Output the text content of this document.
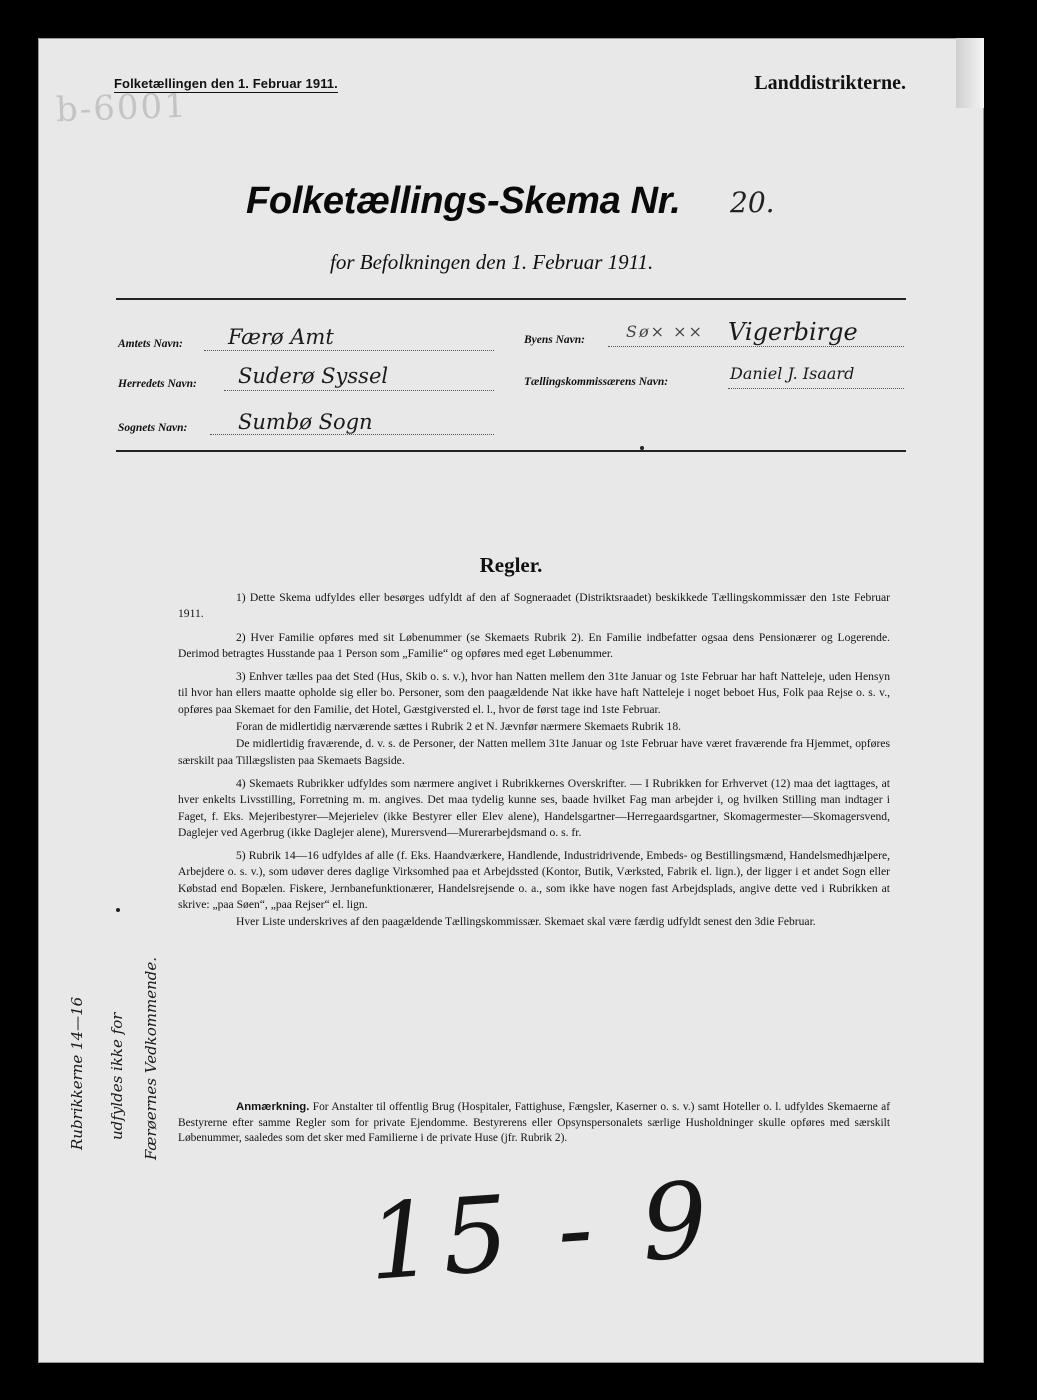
b-6001
Folketællingen den 1. Februar 1911.	Landdistrikterne.
Folketællings-Skema Nr. 20.
for Befolkningen den 1. Februar 1911.
Amtets Navn: Færø Amt
Herredets Navn: Suderø Syssel
Sognets Navn: Sumbø Sogn
Byens Navn:	Sø× ×× Vigerbirge
Tællingskommissærens Navn:	Daniel J. Isaard
Regler.

1) Dette Skema udfyldes eller besørges udfyldt af den af Sogneraadet (Distriktsraadet) beskikkede Tællingskommissær den 1ste Februar 1911.

2) Hver Familie opføres med sit Løbenummer (se Skemaets Rubrik 2). En Familie indbefatter ogsaa dens Pensionærer og Logerende. Derimod betragtes Husstande paa 1 Person som „Familie“ og opføres med eget Løbenummer.

3) Enhver tælles paa det Sted (Hus, Skib o. s. v.), hvor han Natten mellem den 31te Januar og 1ste Februar har haft Natteleje, uden Hensyn til hvor han ellers maatte opholde sig eller bo. Personer, som den paagældende Nat ikke have haft Natteleje i noget beboet Hus, Folk paa Rejse o. s. v., opføres paa Skemaet for den Familie, det Hotel, Gæstgiversted el. l., hvor de først tage ind 1ste Februar.

Foran de midlertidig nærværende sættes i Rubrik 2 et N. Jævnfør nærmere Skemaets Rubrik 18.

De midlertidig fraværende, d. v. s. de Personer, der Natten mellem 31te Januar og 1ste Februar have været fraværende fra Hjemmet, opføres særskilt paa Tillægslisten paa Skemaets Bagside.

4) Skemaets Rubrikker udfyldes som nærmere angivet i Rubrikkernes Overskrifter. — I Rubrikken for Erhvervet (12) maa det iagttages, at hver enkelts Livsstilling, Forretning m. m. angives. Det maa tydelig kunne ses, baade hvilket Fag man arbejder i, og hvilken Stilling man indtager i Faget, f. Eks. Mejeribestyrer—Mejerielev (ikke Bestyrer eller Elev alene), Handelsgartner—Herregaardsgartner, Skomagermester—Skomagersvend, Daglejer ved Agerbrug (ikke Daglejer alene), Murersvend—Murerarbejdsmand o. s. fr.

5) Rubrik 14—16 udfyldes af alle (f. Eks. Haandværkere, Handlende, Industridrivende, Embeds- og Bestillingsmænd, Handelsmedhjælpere, Arbejdere o. s. v.), som udøver deres daglige Virksomhed paa et Arbejdssted (Kontor, Butik, Værksted, Fabrik el. lign.), der ligger i et andet Sogn eller Købstad end Bopælen. Fiskere, Jernbanefunktionærer, Handelsrejsende o. a., som ikke have nogen fast Arbejdsplads, angive dette ved i Rubrikken at skrive: „paa Søen“, „paa Rejser“ el. lign.

Hver Liste underskrives af den paagældende Tællingskommissær. Skemaet skal være færdig udfyldt senest den 3die Februar.

Anmærkning. For Anstalter til offentlig Brug (Hospitaler, Fattighuse, Fængsler, Kaserner o. s. v.) samt Hoteller o. l. udfyldes Skemaerne af Bestyrerne efter samme Regler som for private Ejendomme. Bestyrerens eller Opsynspersonalets særlige Husholdninger skulle opføres med særskilt Løbenummer, saaledes som det sker med Familierne i de private Huse (jfr. Rubrik 2).

Rubrikkerne 14—16 udfyldes ikke for Færøernes Vedkommende.
15 - 9
